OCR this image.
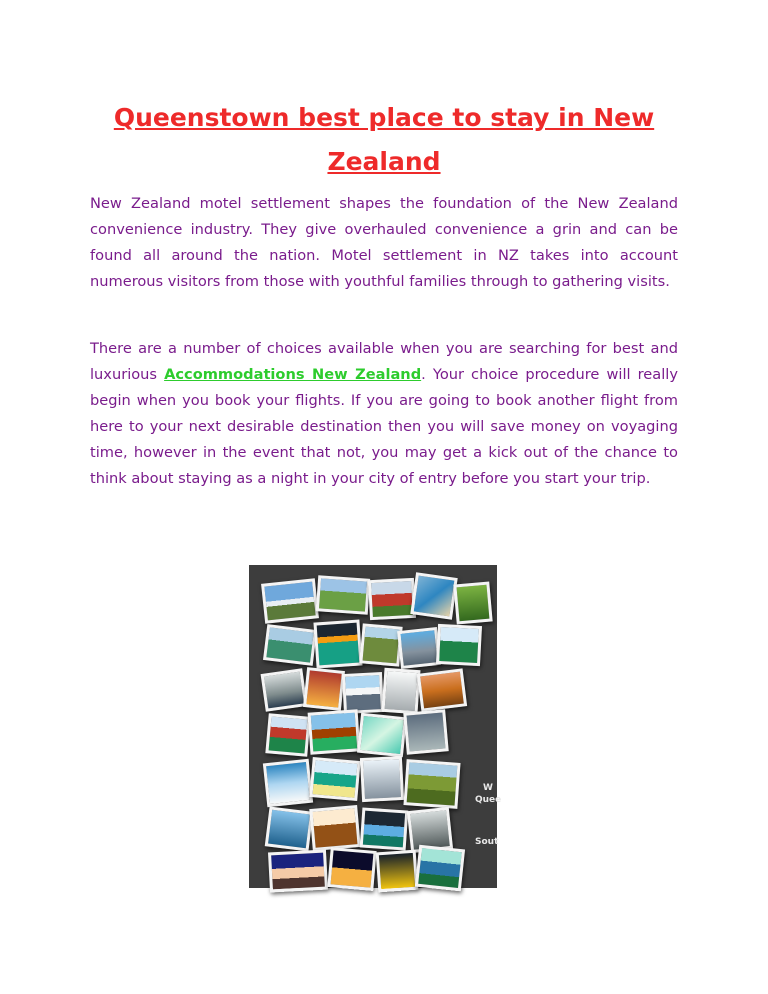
Queenstown best place to stay in New Zealand

New Zealand motel settlement shapes the foundation of the New Zealand convenience industry. They give overhauled convenience a grin and can be found all around the nation. Motel settlement in NZ takes into account numerous visitors from those with youthful families through to gathering visits.

There are a number of choices available when you are searching for best and luxurious Accommodations New Zealand. Your choice procedure will really begin when you book your flights. If you are going to book another flight from here to your next desirable destination then you will save money on voyaging time, however in the event that not, you may get a kick out of the chance to think about staying as a night in your city of entry before you start your trip.

W
Quee
Sout
